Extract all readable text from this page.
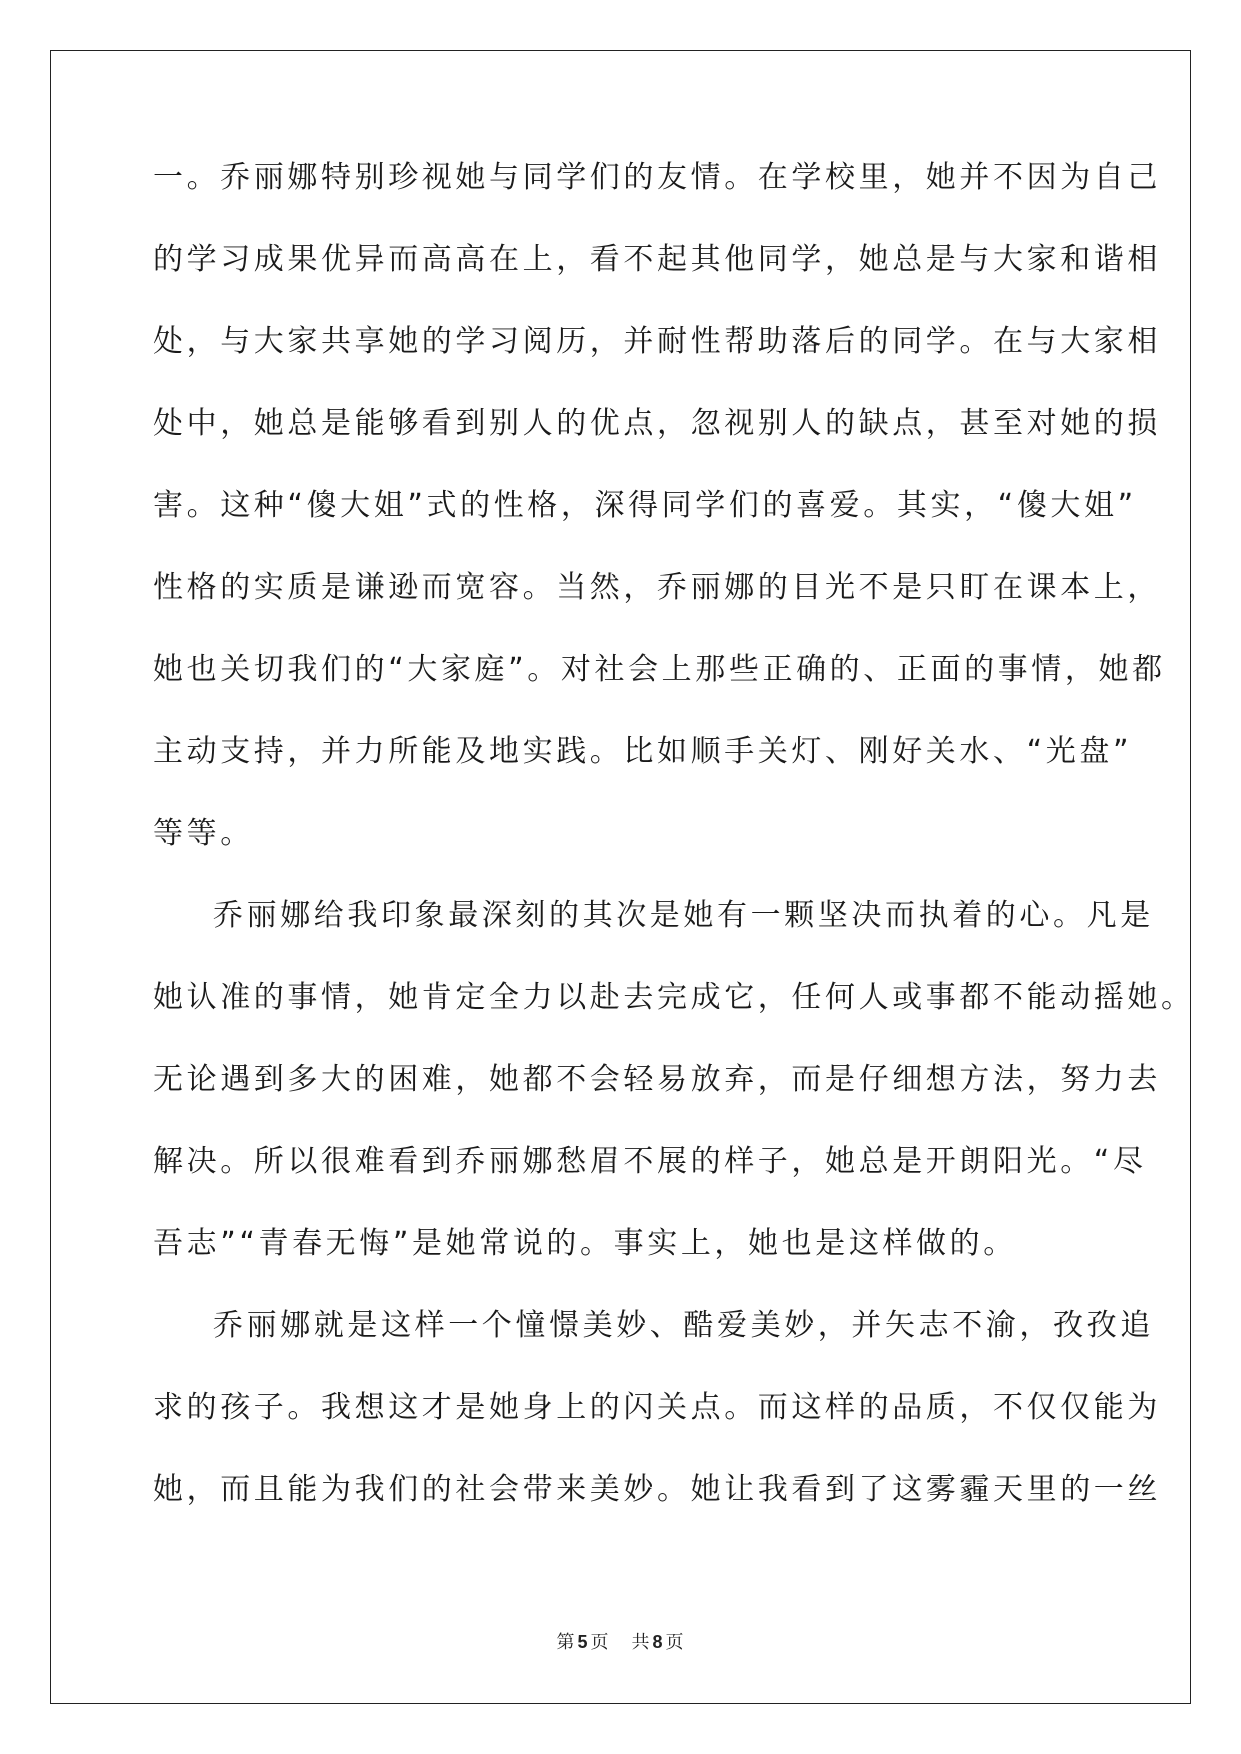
一。乔丽娜特别珍视她与同学们的友情。在学校里，她并不因为自己
的学习成果优异而高高在上，看不起其他同学，她总是与大家和谐相
处，与大家共享她的学习阅历，并耐性帮助落后的同学。在与大家相
处中，她总是能够看到别人的优点，忽视别人的缺点，甚至对她的损
害。这种“傻大姐”式的性格，深得同学们的喜爱。其实，“傻大姐”
性格的实质是谦逊而宽容。当然，乔丽娜的目光不是只盯在课本上，
她也关切我们的“大家庭”。对社会上那些正确的、正面的事情，她都
主动支持，并力所能及地实践。比如顺手关灯、刚好关水、“光盘”
等等。
乔丽娜给我印象最深刻的其次是她有一颗坚决而执着的心。凡是
她认准的事情，她肯定全力以赴去完成它，任何人或事都不能动摇她。
无论遇到多大的困难，她都不会轻易放弃，而是仔细想方法，努力去
解决。所以很难看到乔丽娜愁眉不展的样子，她总是开朗阳光。“尽
吾志”“青春无悔”是她常说的。事实上，她也是这样做的。
乔丽娜就是这样一个憧憬美妙、酷爱美妙，并矢志不渝，孜孜追
求的孩子。我想这才是她身上的闪关点。而这样的品质，不仅仅能为
她，而且能为我们的社会带来美妙。她让我看到了这雾霾天里的一丝
第 5 页 共 8 页
